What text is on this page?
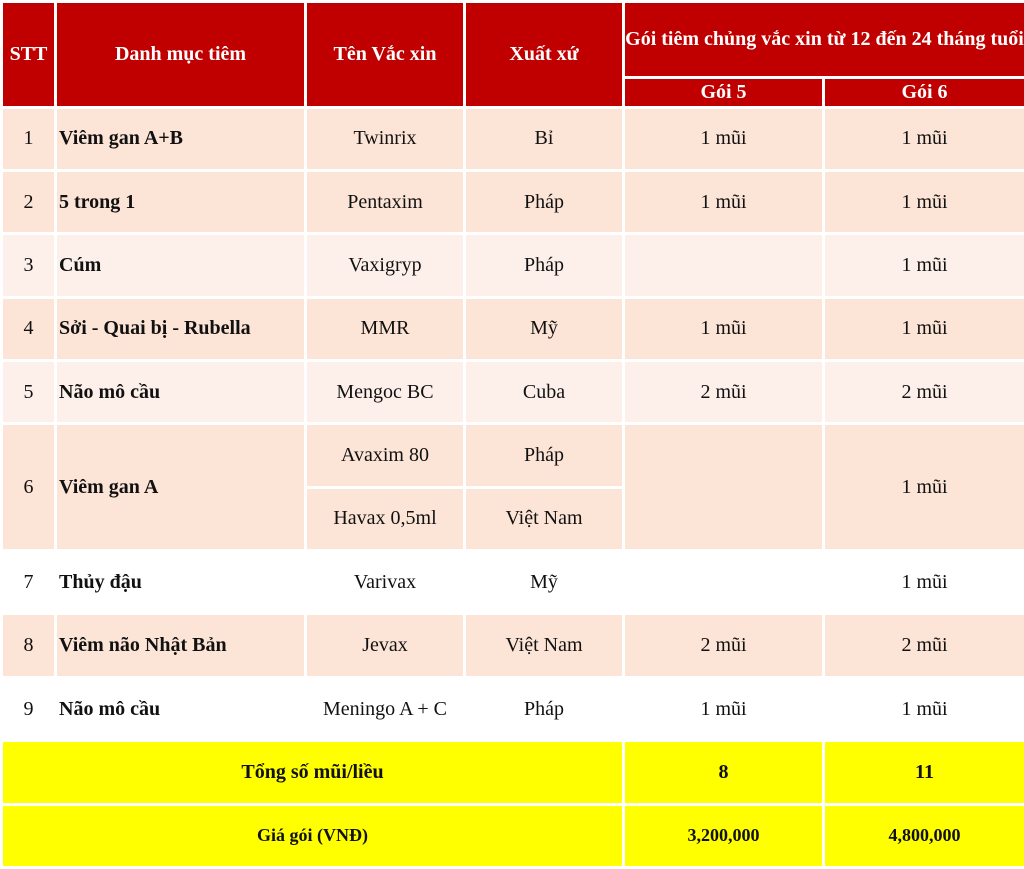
STT	Danh mục tiêm	Tên Vắc xin	Xuất xứ	Gói tiêm chủng vắc xin từ 12 đến 24 tháng tuổi	
				Gói 5	Gói 6
1	Viêm gan A+B	Twinrix	Bỉ	1 mũi	1 mũi
2	5 trong 1	Pentaxim	Pháp	1 mũi	1 mũi
3	Cúm	Vaxigryp	Pháp		1 mũi
4	Sởi - Quai bị - Rubella	MMR	Mỹ	1 mũi	1 mũi
5	Não mô cầu	Mengoc BC	Cuba	2 mũi	2 mũi
6	Viêm gan A	Avaxim 80	Pháp		1 mũi
		Havax 0,5ml	Việt Nam		
7	Thủy đậu	Varivax	Mỹ		1 mũi
8	Viêm não Nhật Bản	Jevax	Việt Nam	2 mũi	2 mũi
9	Não mô cầu	Meningo A + C	Pháp	1 mũi	1 mũi
Tổng số mũi/liều				8	11
Giá gói (VNĐ)				3,200,000	4,800,000
